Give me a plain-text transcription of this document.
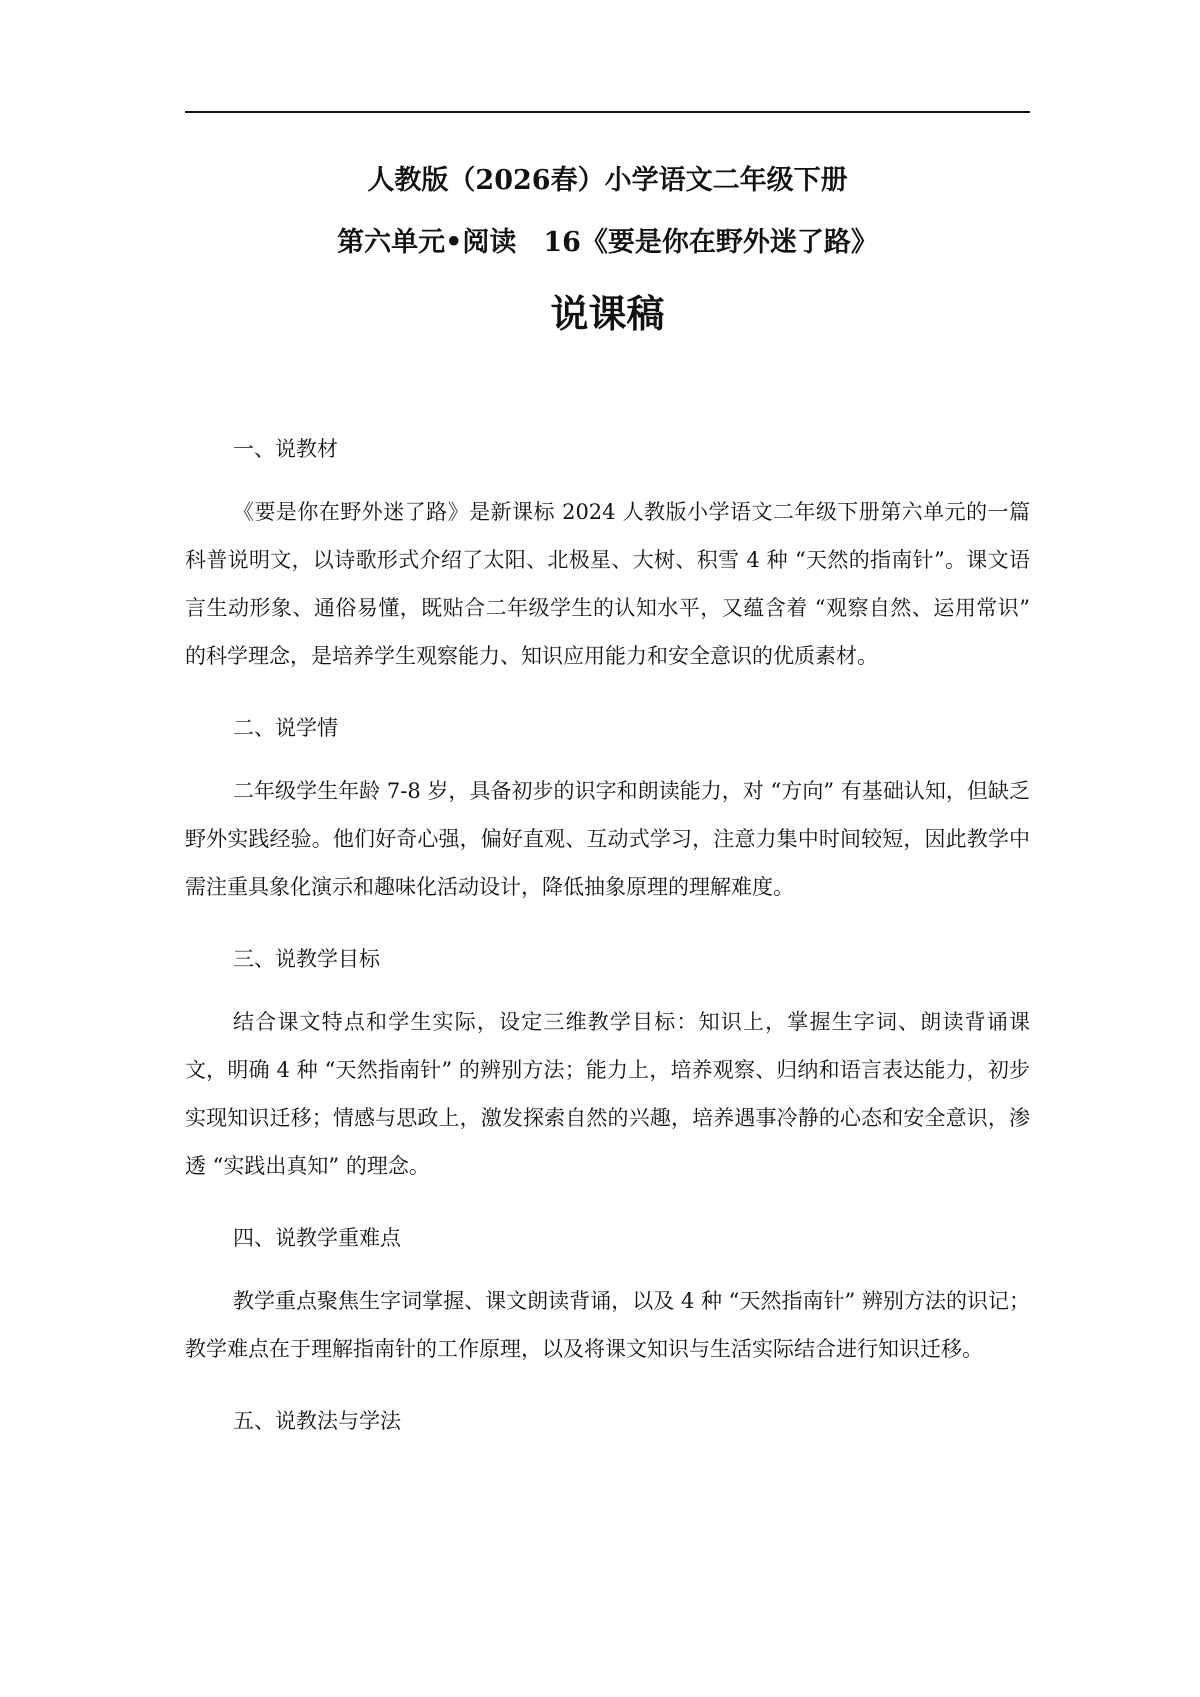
人教版（2026春）小学语文二年级下册
第六单元•阅读　16《要是你在野外迷了路》
说课稿

一、说教材

《要是你在野外迷了路》是新课标 2024 人教版小学语文二年级下册第六单元的一篇科普说明文，以诗歌形式介绍了太阳、北极星、大树、积雪 4 种 “天然的指南针”。课文语言生动形象、通俗易懂，既贴合二年级学生的认知水平，又蕴含着 “观察自然、运用常识” 的科学理念，是培养学生观察能力、知识应用能力和安全意识的优质素材。

二、说学情

二年级学生年龄 7-8 岁，具备初步的识字和朗读能力，对 “方向” 有基础认知，但缺乏野外实践经验。他们好奇心强，偏好直观、互动式学习，注意力集中时间较短，因此教学中需注重具象化演示和趣味化活动设计，降低抽象原理的理解难度。

三、说教学目标

结合课文特点和学生实际，设定三维教学目标：知识上，掌握生字词、朗读背诵课文，明确 4 种 “天然指南针” 的辨别方法；能力上，培养观察、归纳和语言表达能力，初步实现知识迁移；情感与思政上，激发探索自然的兴趣，培养遇事冷静的心态和安全意识，渗透 “实践出真知” 的理念。

四、说教学重难点

教学重点聚焦生字词掌握、课文朗读背诵，以及 4 种 “天然指南针” 辨别方法的识记；教学难点在于理解指南针的工作原理，以及将课文知识与生活实际结合进行知识迁移。

五、说教法与学法
